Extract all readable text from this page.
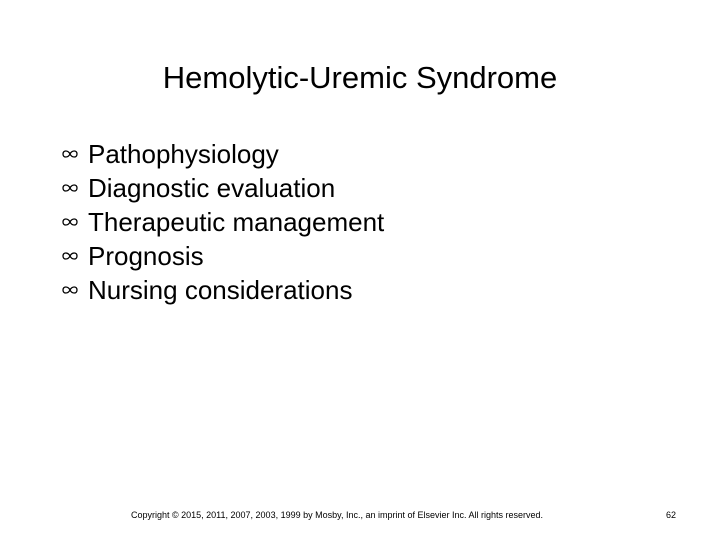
Hemolytic-Uremic Syndrome
Pathophysiology
Diagnostic evaluation
Therapeutic management
Prognosis
Nursing considerations
Copyright © 2015, 2011, 2007, 2003, 1999 by Mosby, Inc., an imprint of Elsevier Inc. All rights reserved.	62
